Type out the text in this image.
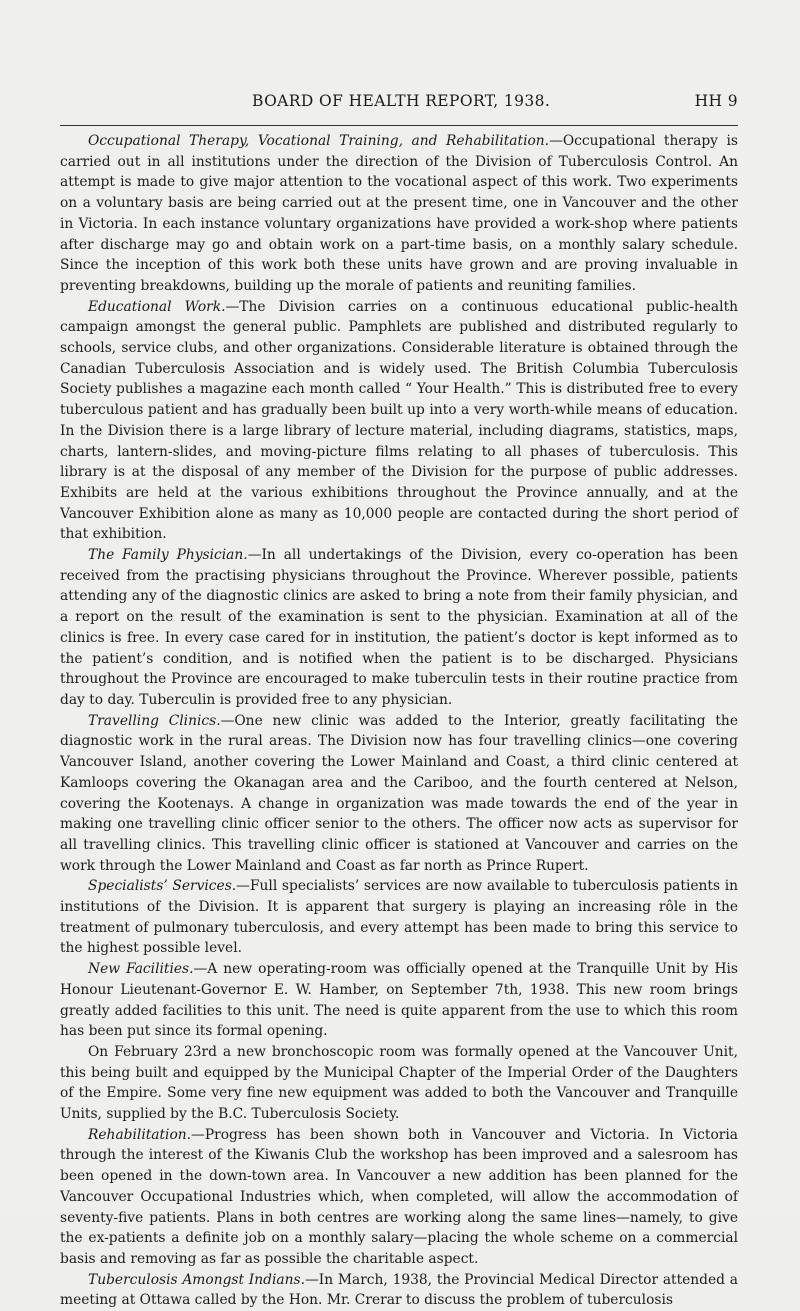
BOARD OF HEALTH REPORT, 1938.	HH 9

Occupational Therapy, Vocational Training, and Rehabilitation.—Occupational therapy is carried out in all institutions under the direction of the Division of Tuberculosis Control. An attempt is made to give major attention to the vocational aspect of this work. Two experiments on a voluntary basis are being carried out at the present time, one in Vancouver and the other in Victoria. In each instance voluntary organizations have provided a work-shop where patients after discharge may go and obtain work on a part-time basis, on a monthly salary schedule. Since the inception of this work both these units have grown and are proving invaluable in preventing breakdowns, building up the morale of patients and reuniting families.

Educational Work.—The Division carries on a continuous educational public-health campaign amongst the general public. Pamphlets are published and distributed regularly to schools, service clubs, and other organizations. Considerable literature is obtained through the Canadian Tuberculosis Association and is widely used. The British Columbia Tuberculosis Society publishes a magazine each month called “ Your Health.” This is distributed free to every tuberculous patient and has gradually been built up into a very worth-while means of education. In the Division there is a large library of lecture material, including diagrams, statistics, maps, charts, lantern-slides, and moving-picture films relating to all phases of tuberculosis. This library is at the disposal of any member of the Division for the purpose of public addresses. Exhibits are held at the various exhibitions throughout the Province annually, and at the Vancouver Exhibition alone as many as 10,000 people are contacted during the short period of that exhibition.

The Family Physician.—In all undertakings of the Division, every co-operation has been received from the practising physicians throughout the Province. Wherever possible, patients attending any of the diagnostic clinics are asked to bring a note from their family physician, and a report on the result of the examination is sent to the physician. Examination at all of the clinics is free. In every case cared for in institution, the patient’s doctor is kept informed as to the patient’s condition, and is notified when the patient is to be discharged. Physicians throughout the Province are encouraged to make tuberculin tests in their routine practice from day to day. Tuberculin is provided free to any physician.

Travelling Clinics.—One new clinic was added to the Interior, greatly facilitating the diagnostic work in the rural areas. The Division now has four travelling clinics—one covering Vancouver Island, another covering the Lower Mainland and Coast, a third clinic centered at Kamloops covering the Okanagan area and the Cariboo, and the fourth centered at Nelson, covering the Kootenays. A change in organization was made towards the end of the year in making one travelling clinic officer senior to the others. The officer now acts as supervisor for all travelling clinics. This travelling clinic officer is stationed at Vancouver and carries on the work through the Lower Mainland and Coast as far north as Prince Rupert.

Specialists’ Services.—Full specialists’ services are now available to tuberculosis patients in institutions of the Division. It is apparent that surgery is playing an increasing rôle in the treatment of pulmonary tuberculosis, and every attempt has been made to bring this service to the highest possible level.

New Facilities.—A new operating-room was officially opened at the Tranquille Unit by His Honour Lieutenant-Governor E. W. Hamber, on September 7th, 1938. This new room brings greatly added facilities to this unit. The need is quite apparent from the use to which this room has been put since its formal opening.

On February 23rd a new bronchoscopic room was formally opened at the Vancouver Unit, this being built and equipped by the Municipal Chapter of the Imperial Order of the Daughters of the Empire. Some very fine new equipment was added to both the Vancouver and Tranquille Units, supplied by the B.C. Tuberculosis Society.

Rehabilitation.—Progress has been shown both in Vancouver and Victoria. In Victoria through the interest of the Kiwanis Club the workshop has been improved and a salesroom has been opened in the down-town area. In Vancouver a new addition has been planned for the Vancouver Occupational Industries which, when completed, will allow the accommodation of seventy-five patients. Plans in both centres are working along the same lines—namely, to give the ex-patients a definite job on a monthly salary—placing the whole scheme on a commercial basis and removing as far as possible the charitable aspect.

Tuberculosis Amongst Indians.—In March, 1938, the Provincial Medical Director attended a meeting at Ottawa called by the Hon. Mr. Crerar to discuss the problem of tuberculosis
